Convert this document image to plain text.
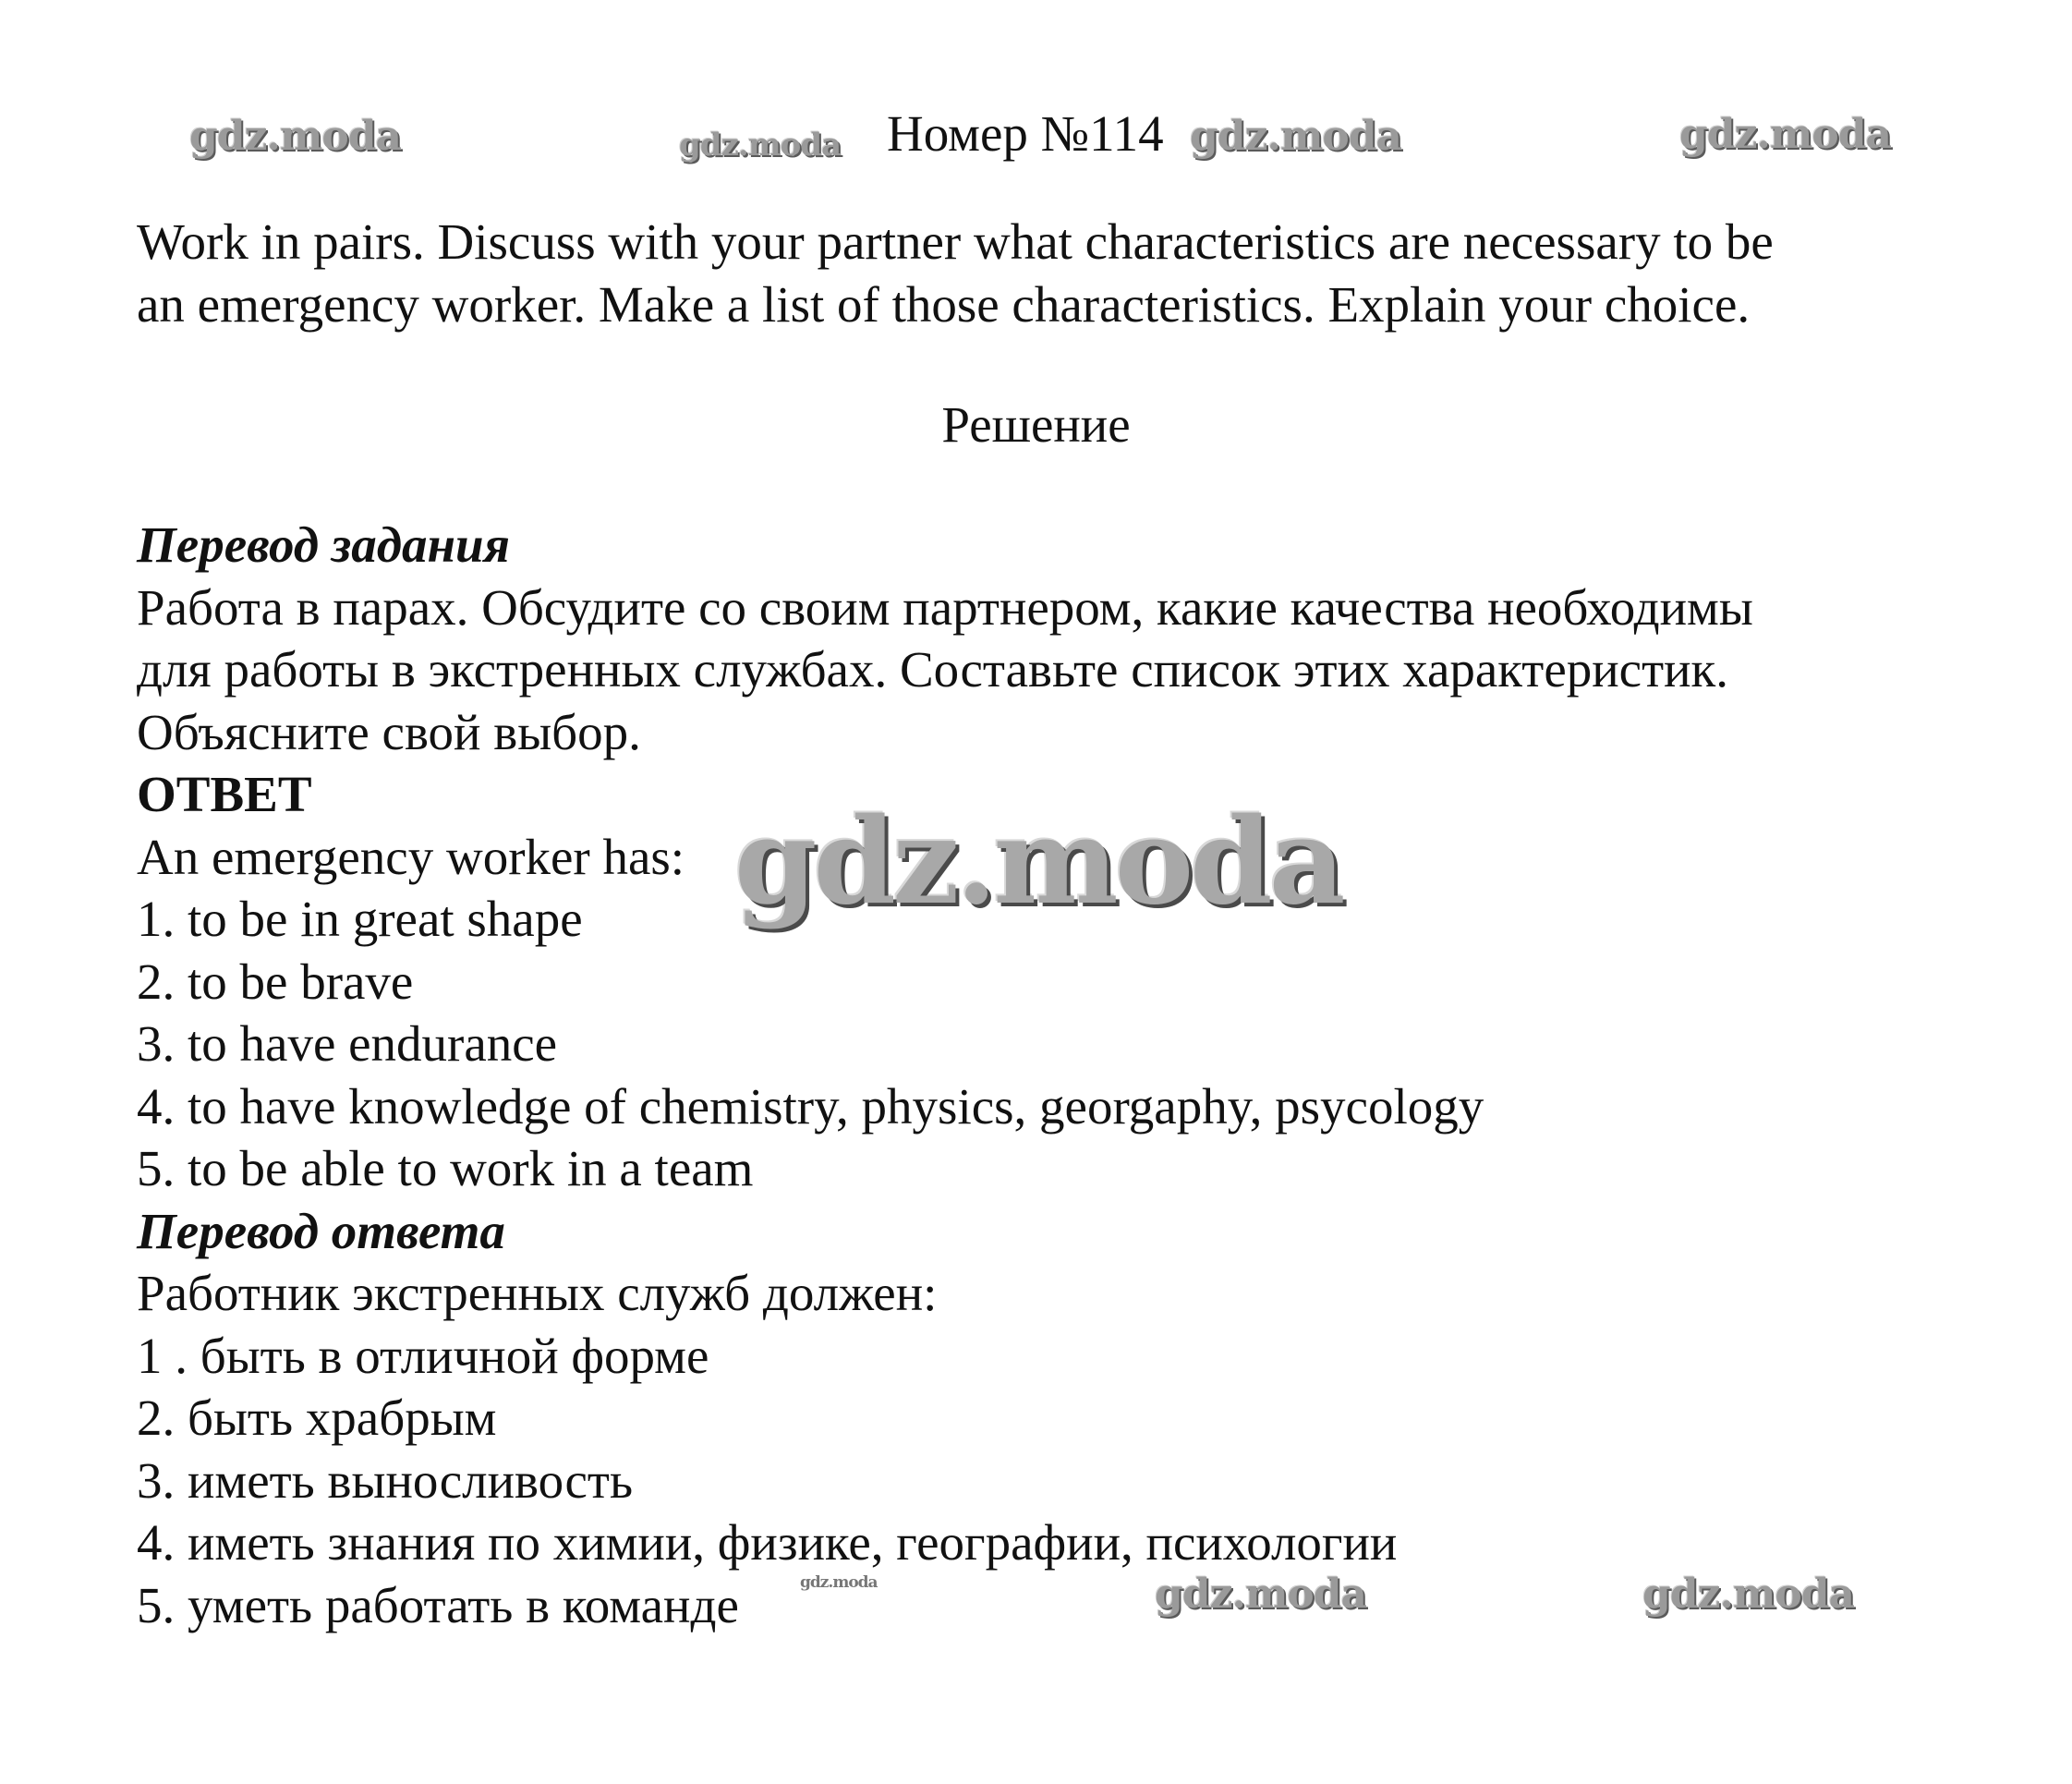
gdz.moda	gdz.moda	gdz.moda	gdz.moda
gdz.moda
gdz.moda	gdz.moda	gdz.moda
Номер №114

Work in pairs. Discuss with your partner what characteristics are necessary to be

an emergency worker. Make a list of those characteristics. Explain your choice.

Решение

Перевод задания

Работа в парах. Обсудите со своим партнером, какие качества необходимы

для работы в экстренных службах. Составьте список этих характеристик.

Объясните свой выбор.

ОТВЕТ

An emergency worker has:

1. to be in great shape

2. to be brave

3. to have endurance

4. to have knowledge of chemistry, physics, georgaphy, psycology

5. to be able to work in a team

Перевод ответа

Работник экстренных служб должен:

1 . быть в отличной форме

2. быть храбрым

3. иметь выносливость

4. иметь знания по химии, физике, географии, психологии

5. уметь работать в команде
